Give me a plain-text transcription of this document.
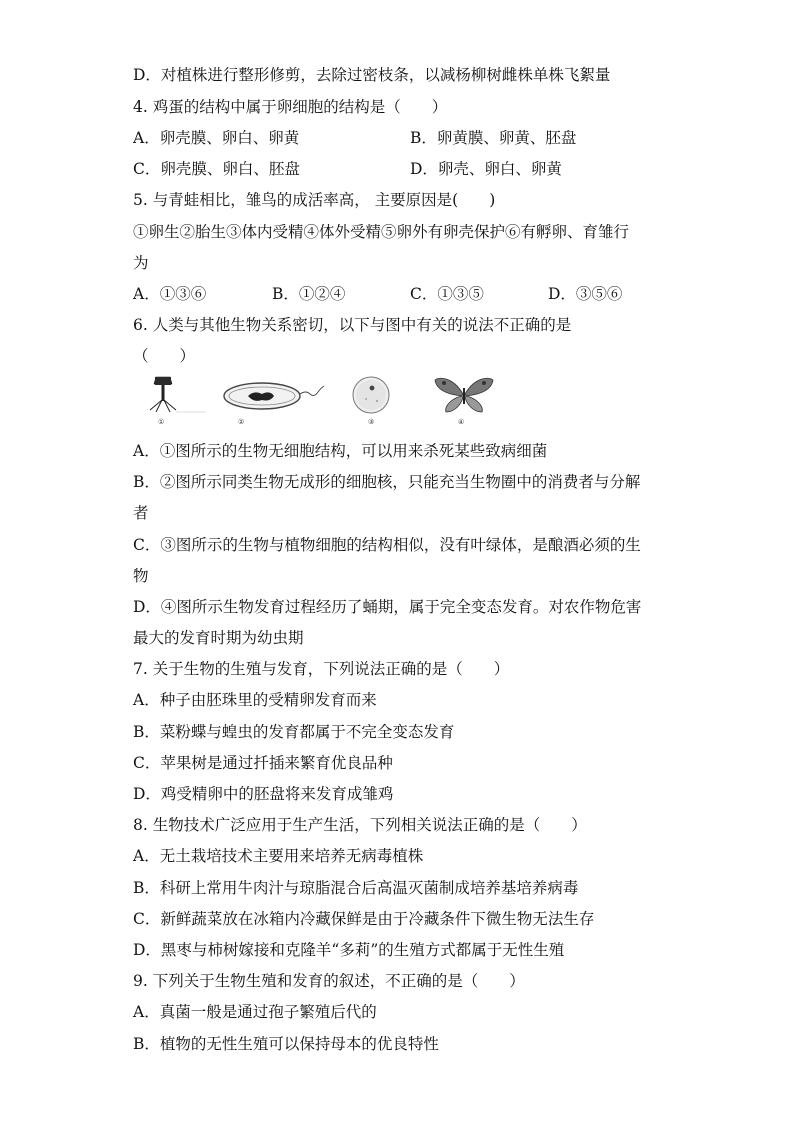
D．对植株进行整形修剪，去除过密枝条，以减杨柳树雌株单株飞絮量
4. 鸡蛋的结构中属于卵细胞的结构是（　　）
A．卵壳膜、卵白、卵黄	B．卵黄膜、卵黄、胚盘
C．卵壳膜、卵白、胚盘	D．卵壳、卵白、卵黄
5. 与青蛙相比，雏鸟的成活率高， 主要原因是(　　)
①卵生②胎生③体内受精④体外受精⑤卵外有卵壳保护⑥有孵卵、育雏行
为
A．①③⑥	B．①②④	C．①③⑤	D．③⑤⑥
6. 人类与其他生物关系密切，以下与图中有关的说法不正确的是
（　　）
①	②	③	④
A．①图所示的生物无细胞结构，可以用来杀死某些致病细菌
B．②图所示同类生物无成形的细胞核，只能充当生物圈中的消费者与分解
者
C．③图所示的生物与植物细胞的结构相似，没有叶绿体，是酿酒必须的生
物
D．④图所示生物发育过程经历了蛹期，属于完全变态发育。对农作物危害
最大的发育时期为幼虫期
7. 关于生物的生殖与发育，下列说法正确的是（　　）
A．种子由胚珠里的受精卵发育而来
B．菜粉蝶与蝗虫的发育都属于不完全变态发育
C．苹果树是通过扦插来繁育优良品种
D．鸡受精卵中的胚盘将来发育成雏鸡
8. 生物技术广泛应用于生产生活，下列相关说法正确的是（　　）
A．无土栽培技术主要用来培养无病毒植株
B．科研上常用牛肉汁与琼脂混合后高温灭菌制成培养基培养病毒
C．新鲜蔬菜放在冰箱内冷藏保鲜是由于冷藏条件下微生物无法生存
D．黑枣与柿树嫁接和克隆羊“多莉”的生殖方式都属于无性生殖
9. 下列关于生物生殖和发育的叙述，不正确的是（　　）
A．真菌一般是通过孢子繁殖后代的
B．植物的无性生殖可以保持母本的优良特性
